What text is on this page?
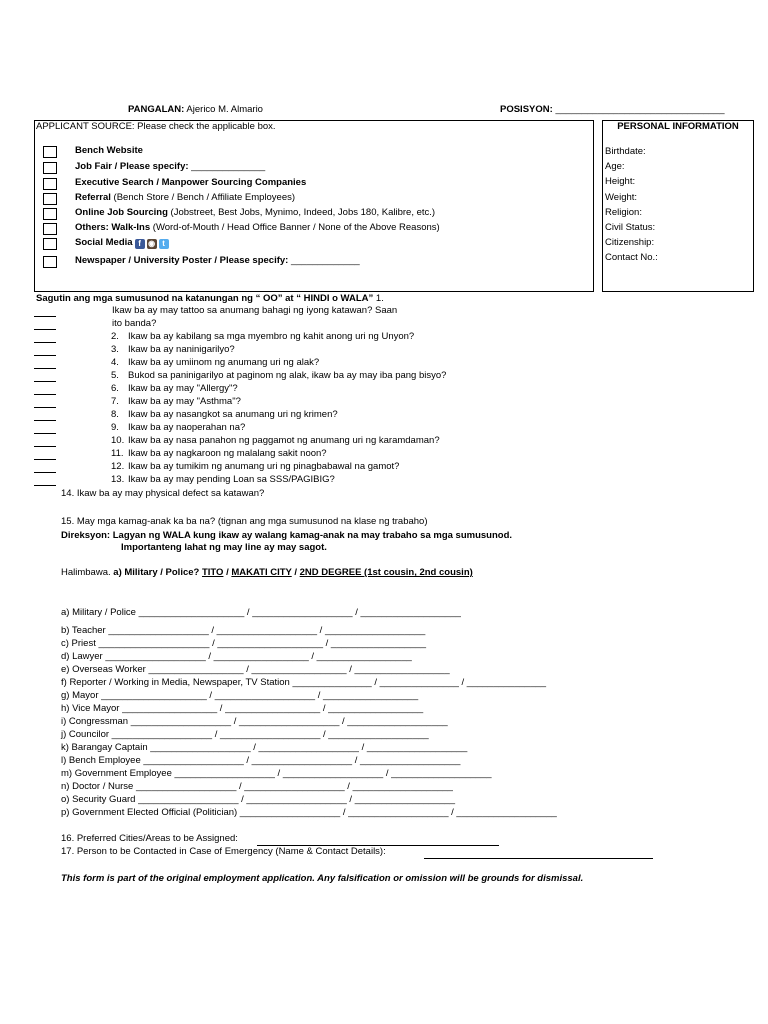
PANGALAN: Ajerico M. Almario	POSISYON: ________________________________
APPLICANT SOURCE: Please check the applicable box.
Bench Website
Job Fair / Please specify: ______________
Executive Search / Manpower Sourcing Companies
Referral (Bench Store / Bench / Affiliate Employees)
Online Job Sourcing (Jobstreet, Best Jobs, Mynimo, Indeed, Jobs 180, Kalibre, etc.)
Others: Walk-Ins (Word-of-Mouth / Head Office Banner / None of the Above Reasons)
Social Media f ◉ t
Newspaper / University Poster / Please specify: _____________
PERSONAL INFORMATION
Birthdate:
Age:
Height:
Weight:
Religion:
Civil Status:
Citizenship:
Contact No.:
Sagutin ang mga sumusunod na katanungan ng “ OO” at “ HINDI o WALA” 1.
Ikaw ba ay may tattoo sa anumang bahagi ng iyong katawan? Saan
ito banda?
2. Ikaw ba ay kabilang sa mga myembro ng kahit anong uri ng Unyon?
3. Ikaw ba ay naninigarilyo?
4. Ikaw ba ay umiinom ng anumang uri ng alak?
5. Bukod sa paninigarilyo at paginom ng alak, ikaw ba ay may iba pang bisyo?
6. Ikaw ba ay may "Allergy"?
7. Ikaw ba ay may "Asthma"?
8. Ikaw ba ay nasangkot sa anumang uri ng krimen?
9. Ikaw ba ay naoperahan na?
10. Ikaw ba ay nasa panahon ng paggamot ng anumang uri ng karamdaman?
11. Ikaw ba ay nagkaroon ng malalang sakit noon?
12. Ikaw ba ay tumikim ng anumang uri ng pinagbabawal na gamot?
13. Ikaw ba ay may pending Loan sa SSS/PAGIBIG?
14. Ikaw ba ay may physical defect sa katawan?
15. May mga kamag-anak ka ba na? (tignan ang mga sumusunod na klase ng trabaho)
Direksyon: Lagyan ng WALA kung ikaw ay walang kamag-anak na may trabaho sa mga sumusunod.
Importanteng lahat ng may line ay may sagot.
Halimbawa. a) Military / Police? TITO / MAKATI CITY / 2ND DEGREE (1st cousin, 2nd cousin)
a) Military / Police ____________________ / ___________________ / ___________________
b) Teacher ___________________ / ___________________ / ___________________
c) Priest _____________________ / ____________________ / __________________
d) Lawyer ___________________ / __________________ / __________________
e) Overseas Worker __________________ / __________________ / __________________
f) Reporter / Working in Media, Newspaper, TV Station _______________ / _______________ / _______________
g) Mayor ____________________ / ___________________ / __________________
h) Vice Mayor __________________ / __________________ / __________________
i) Congressman ___________________ / ___________________ / ___________________
j) Councilor ___________________ / ___________________ / ___________________
k) Barangay Captain ___________________ / ___________________ / ___________________
l) Bench Employee ___________________ / ___________________ / ___________________
m) Government Employee ___________________ / ___________________ / ___________________
n) Doctor / Nurse ___________________ / ___________________ / ___________________
o) Security Guard ___________________ / ___________________ / ___________________
p) Government Elected Official (Politician) ___________________ / ___________________ / ___________________
16. Preferred Cities/Areas to be Assigned:
17. Person to be Contacted in Case of Emergency (Name & Contact Details):
This form is part of the original employment application. Any falsification or omission will be grounds for dismissal.
